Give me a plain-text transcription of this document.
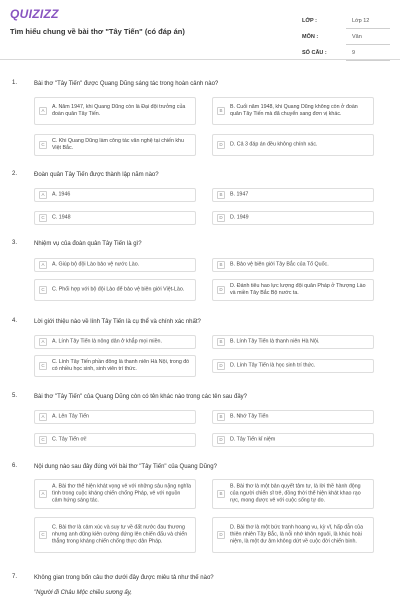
QUIZIZZ
Tìm hiểu chung về bài thơ "Tây Tiến" (có đáp án)
LỚP :	Lớp 12
MÔN :	Văn
SỐ CÂU :	9
1.	Bài thơ "Tây Tiến" được Quang Dũng sáng tác trong hoàn cảnh nào?
A
A. Năm 1947, khi Quang Dũng còn là Đại đội trưởng của đoàn quân Tây Tiến.
B
B. Cuối năm 1948, khi Quang Dũng không còn ở đoàn quân Tây Tiến mà đã chuyển sang đơn vị khác.
C
C. Khi Quang Dũng làm công tác văn nghệ tại chiến khu Việt Bắc.
D	D. Cả 3 đáp án đều không chính xác.
2.	Đoàn quân Tây Tiến được thành lập năm nào?
A	A. 1946	B	B. 1947
C	C. 1948	D	D. 1949
3.	Nhiệm vụ của đoàn quân Tây Tiến là gì?
A	A. Giúp bộ đội Lào bảo vệ nước Lào.	B	B. Bảo vệ biên giới Tây Bắc của Tổ Quốc.
C	C. Phối hợp với bộ đội Lào để bảo vệ biên giới Việt-Lào.	D
D. Đánh tiêu hao lực lượng đội quân Pháp ở Thượng Lào và miền Tây Bắc Bộ nước ta.
4.	Lời giới thiệu nào về lính Tây Tiến là cụ thể và chính xác nhất?
A	A. Lính Tây Tiến là nông dân ở khắp mọi miền.	B	B. Lính Tây Tiến là thanh niên Hà Nội.
C
C. Lính Tây Tiến phần đông là thanh niên Hà Nội, trong đó có nhiều học sinh, sinh viên trí thức.
D	D. Lính Tây Tiến là học sinh trí thức.
5.	Bài thơ "Tây Tiến" của Quang Dũng còn có tên khác nào trong các tên sau đây?
A	A. Lên Tây Tiến	B	B. Nhớ Tây Tiến
C	C. Tây Tiến ơi!	D	D. Tây Tiến kỉ niệm
6.	Nội dung nào sau đây đúng với bài thơ "Tây Tiến" của Quang Dũng?
A
A. Bài thơ thể hiện khát vọng vẻ với những sâu nặng nghĩa tình trong cuộc kháng chiến chống Pháp, vẻ với nguồn cảm hứng sáng tác.
B
B. Bài thơ là một bản quyết tâm tư, là lời thề hành động của người chiến sĩ trẻ, đồng thời thể hiện khát khao rạo rực, mong được vẻ với cuộc sống tự do.
C
C. Bài thơ là cảm xúc và suy tư về đất nước đau thương nhưng anh dũng kiên cường đứng lên chiến đấu và chiến thắng trong kháng chiến chống thực dân Pháp.
D
D. Bài thơ là một bức tranh hoang vu, kỳ vĩ, hấp dẫn của thiên nhiên Tây Bắc, là nỗi nhớ khôn nguôi, là khúc hoài niệm, là một dư âm không dứt về cuộc đời chiến binh.
7.	Không gian trong bốn câu thơ dưới đây được miêu tả như thế nào?
"Người đi Châu Mộc chiều sương ấy,
